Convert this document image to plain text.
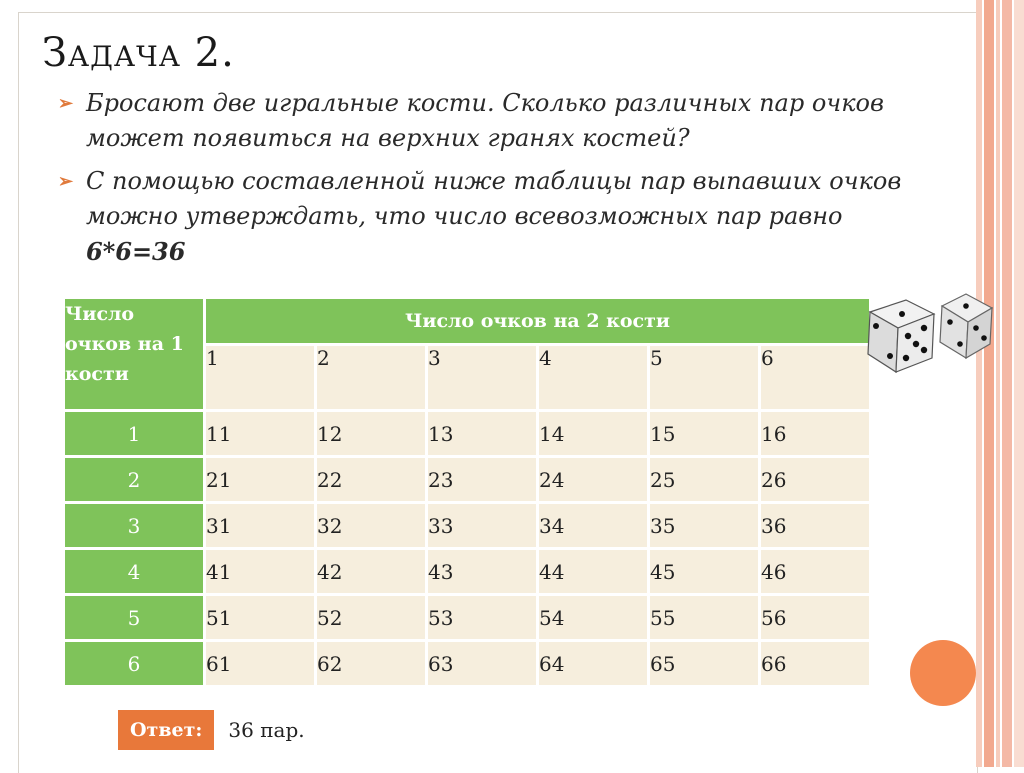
Задача 2.
➢ Бросают две игральные кости. Сколько различных пар очков может появиться на верхних гранях костей?
➢ С помощью составленной ниже таблицы пар выпавших очков можно утверждать, что число всевозможных пар равно 6*6=36
Число очков на 1 кости	Число очков на 2 кости					
	1	2	3	4	5	6
1	11	12	13	14	15	16
2	21	22	23	24	25	26
3	31	32	33	34	35	36
4	41	42	43	44	45	46
5	51	52	53	54	55	56
6	61	62	63	64	65	66
Ответ:	36 пар.
